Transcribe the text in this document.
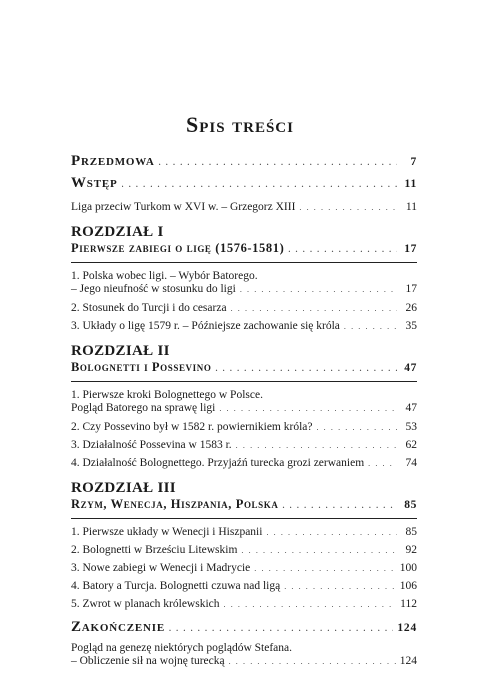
Spis treści
Przedmowa . . .	7
Wstęp . . .	11
Liga przeciw Turkom w XVI w. – Grzegorz XIII . . .	11
ROZDZIAŁ I
Pierwsze zabiegi o ligę (1576-1581) . . .	17
1. Polska wobec ligi. – Wybór Batorego.
– Jego nieufność w stosunku do ligi . . .	17
2. Stosunek do Turcji i do cesarza . . .	26
3. Układy o ligę 1579 r. – Późniejsze zachowanie się króla . . .	35
ROZDZIAŁ II
Bolognetti i Possevino . . .	47
1. Pierwsze kroki Bolognettego w Polsce.
Pogląd Batorego na sprawę ligi . . .	47
2. Czy Possevino był w 1582 r. powiernikiem króla? . . .	53
3. Działalność Possevina w 1583 r. . . .	62
4. Działalność Bolognettego. Przyjaźń turecka grozi zerwaniem . . .	74
ROZDZIAŁ III
Rzym, Wenecja, Hiszpania, Polska . . .	85
1. Pierwsze układy w Wenecji i Hiszpanii . . .	85
2. Bolognetti w Brześciu Litewskim . . .	92
3. Nowe zabiegi w Wenecji i Madrycie . . .	100
4. Batory a Turcja. Bolognetti czuwa nad ligą . . .	106
5. Zwrot w planach królewskich . . .	112
Zakończenie . . .	124
Pogląd na genezę niektórych poglądów Stefana.
– Obliczenie sił na wojnę turecką . . .	124
